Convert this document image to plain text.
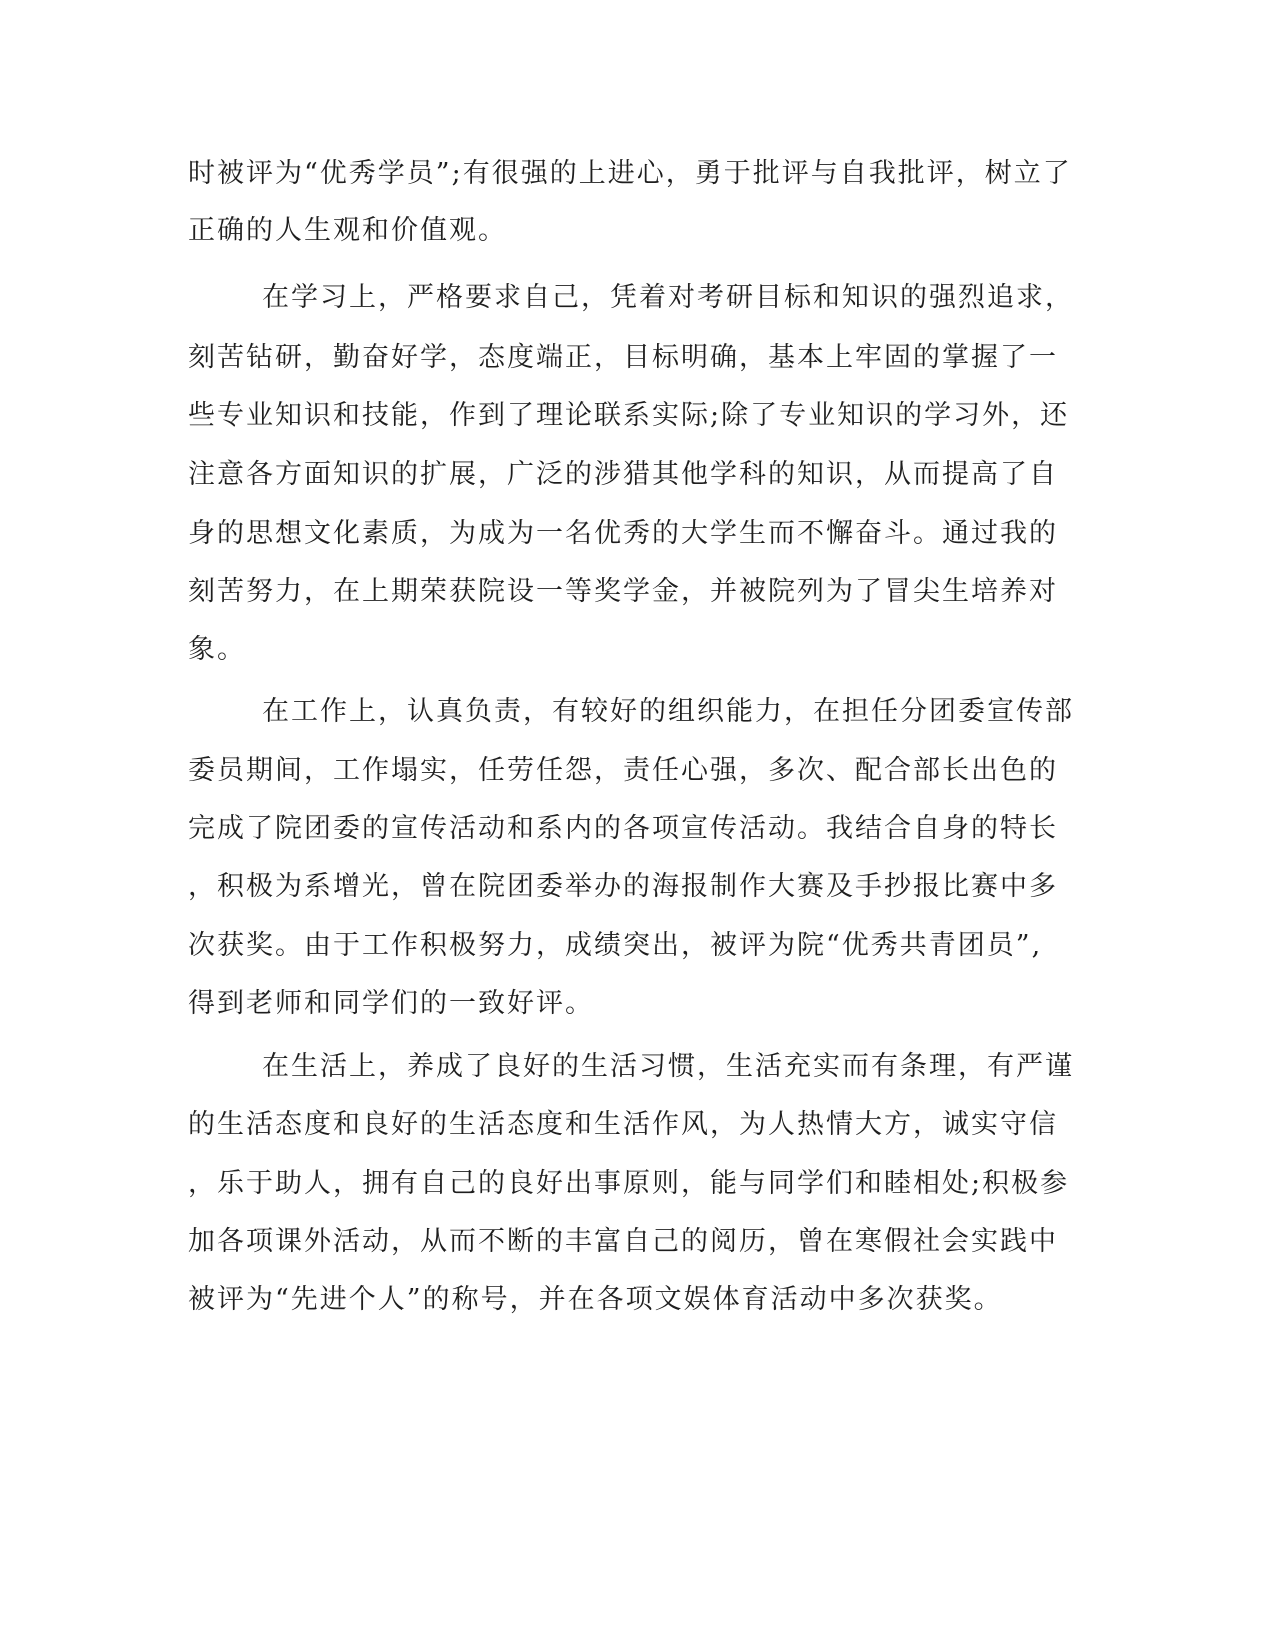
时被评为“优秀学员”;有很强的上进心，勇于批评与自我批评，树立了
正确的人生观和价值观。
在学习上，严格要求自己，凭着对考研目标和知识的强烈追求，
刻苦钻研，勤奋好学，态度端正，目标明确，基本上牢固的掌握了一
些专业知识和技能，作到了理论联系实际;除了专业知识的学习外，还
注意各方面知识的扩展，广泛的涉猎其他学科的知识，从而提高了自
身的思想文化素质，为成为一名优秀的大学生而不懈奋斗。通过我的
刻苦努力，在上期荣获院设一等奖学金，并被院列为了冒尖生培养对
象。
在工作上，认真负责，有较好的组织能力，在担任分团委宣传部
委员期间，工作塌实，任劳任怨，责任心强，多次、配合部长出色的
完成了院团委的宣传活动和系内的各项宣传活动。我结合自身的特长
，积极为系增光，曾在院团委举办的海报制作大赛及手抄报比赛中多
次获奖。由于工作积极努力，成绩突出，被评为院“优秀共青团员”,
得到老师和同学们的一致好评。
在生活上，养成了良好的生活习惯，生活充实而有条理，有严谨
的生活态度和良好的生活态度和生活作风，为人热情大方，诚实守信
，乐于助人，拥有自己的良好出事原则，能与同学们和睦相处;积极参
加各项课外活动，从而不断的丰富自己的阅历，曾在寒假社会实践中
被评为“先进个人”的称号，并在各项文娱体育活动中多次获奖。
